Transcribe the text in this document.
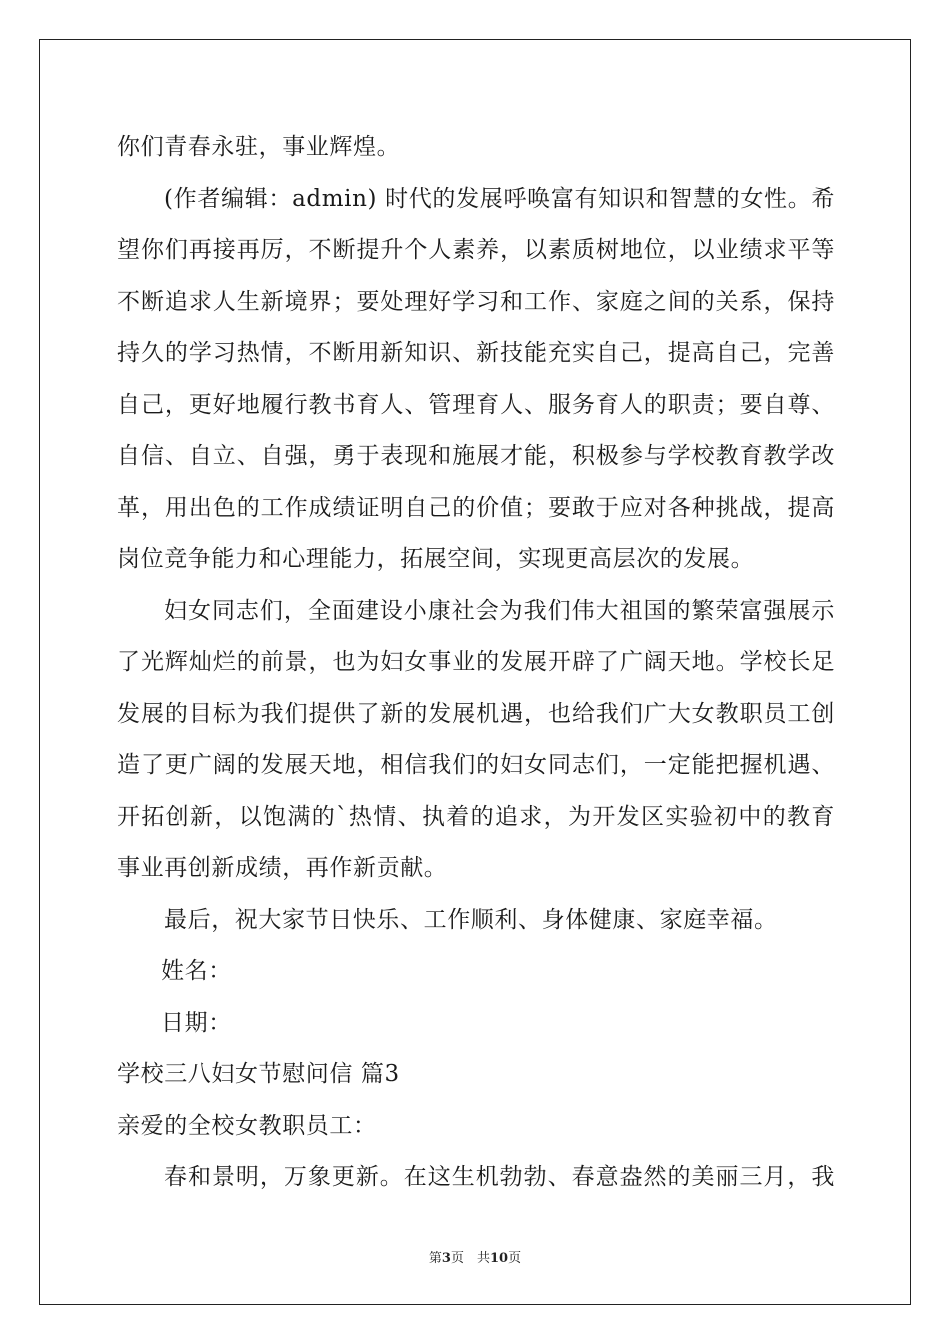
你们青春永驻，事业辉煌。
(作者编辑：admin) 时代的发展呼唤富有知识和智慧的女性。希
望你们再接再厉，不断提升个人素养，以素质树地位，以业绩求平等
不断追求人生新境界；要处理好学习和工作、家庭之间的关系，保持
持久的学习热情，不断用新知识、新技能充实自己，提高自己，完善
自己，更好地履行教书育人、管理育人、服务育人的职责；要自尊、
自信、自立、自强，勇于表现和施展才能，积极参与学校教育教学改
革，用出色的工作成绩证明自己的价值；要敢于应对各种挑战，提高
岗位竞争能力和心理能力，拓展空间，实现更高层次的发展。
妇女同志们，全面建设小康社会为我们伟大祖国的繁荣富强展示
了光辉灿烂的前景，也为妇女事业的发展开辟了广阔天地。学校长足
发展的目标为我们提供了新的发展机遇，也给我们广大女教职员工创
造了更广阔的发展天地，相信我们的妇女同志们，一定能把握机遇、
开拓创新，以饱满的`热情、执着的追求，为开发区实验初中的教育
事业再创新成绩，再作新贡献。
最后，祝大家节日快乐、工作顺利、身体健康、家庭幸福。
姓名：
日期：
学校三八妇女节慰问信 篇3
亲爱的全校女教职员工：
春和景明，万象更新。在这生机勃勃、春意盎然的美丽三月，我
第3页　共10页
